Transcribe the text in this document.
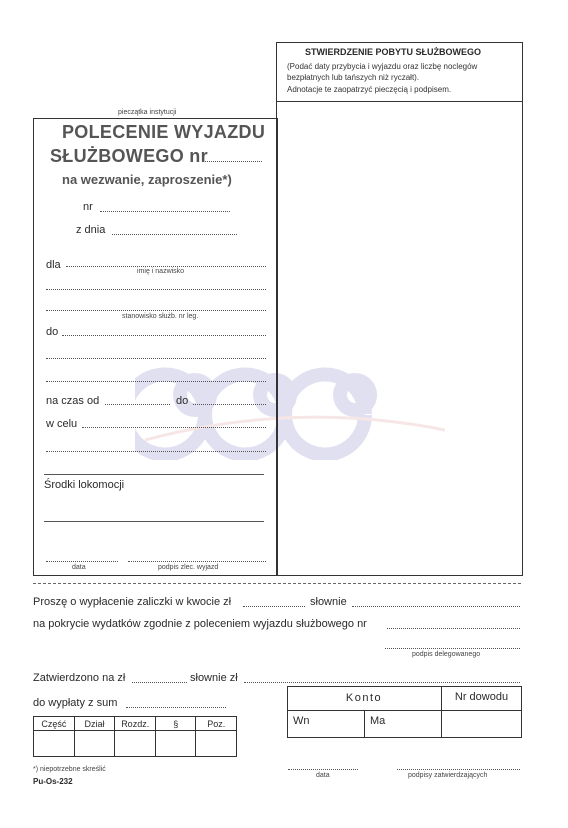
pieczątka instytucji
POLECENIE WYJAZDU
SŁUŻBOWEGO nr
na wezwanie, zaproszenie*)
nr
z dnia
dla
imię i nazwisko
stanowisko służb. nr leg.
do
na czas od	do
w celu
Środki lokomocji
data	podpis zlec. wyjazd
STWIERDZENIE POBYTU SŁUŻBOWEGO
(Podać daty przybycia i wyjazdu oraz liczbę noclegów
bezpłatnych lub tańszych niż ryczałt).
Adnotacje te zaopatrzyć pieczęcią i podpisem.
Proszę o wypłacenie zaliczki w kwocie zł	słownie
na pokrycie wydatków zgodnie z poleceniem wyjazdu służbowego nr
podpis delegowanego
Zatwierdzono na zł	słownie zł
do wypłaty z sum
Część	Dział	Rozdz.	§	Poz.

Konto	Nr dowodu
Wn	Ma
*) niepotrzebne skreślić
Pu-Os-232
data	podpisy zatwierdzających
